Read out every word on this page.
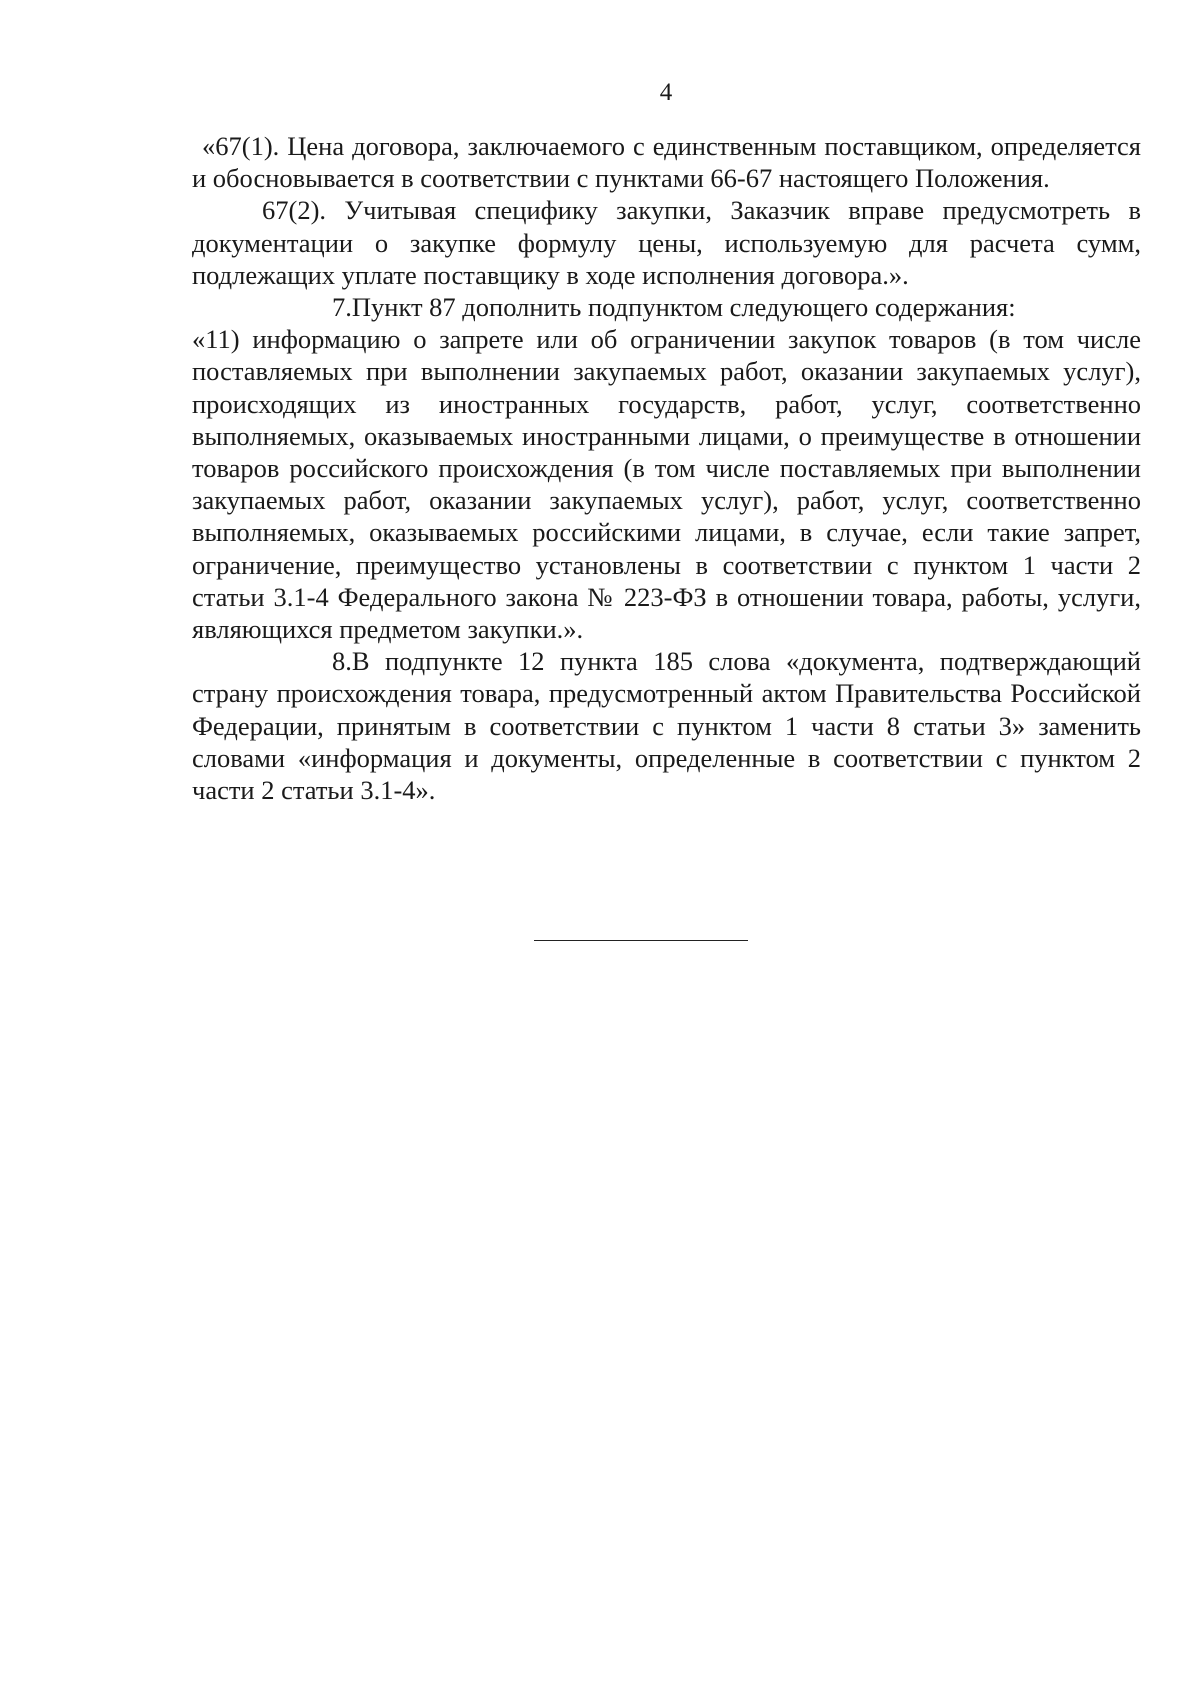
4

«67(1). Цена договора, заключаемого с единственным поставщиком, определяется и обосновывается в соответствии с пунктами 66-67 настоящего Положения.

67(2). Учитывая специфику закупки, Заказчик вправе предусмотреть в документации о закупке формулу цены, используемую для расчета сумм, подлежащих уплате поставщику в ходе исполнения договора.».

7.Пункт 87 дополнить подпунктом следующего содержания:

«11) информацию о запрете или об ограничении закупок товаров (в том числе поставляемых при выполнении закупаемых работ, оказании закупаемых услуг), происходящих из иностранных государств, работ, услуг, соответственно выполняемых, оказываемых иностранными лицами, о преимуществе в отношении товаров российского происхождения (в том числе поставляемых при выполнении закупаемых работ, оказании закупаемых услуг), работ, услуг, соответственно выполняемых, оказываемых российскими лицами, в случае, если такие запрет, ограничение, преимущество установлены в соответствии с пунктом 1 части 2 статьи 3.1-4 Федерального закона № 223-ФЗ в отношении товара, работы, услуги, являющихся предметом закупки.».

8.В подпункте 12 пункта 185 слова «документа, подтверждающий страну происхождения товара, предусмотренный актом Правительства Российской Федерации, принятым в соответствии с пунктом 1 части 8 статьи 3» заменить словами «информация и документы, определенные в соответствии с пунктом 2 части 2 статьи 3.1-4».
